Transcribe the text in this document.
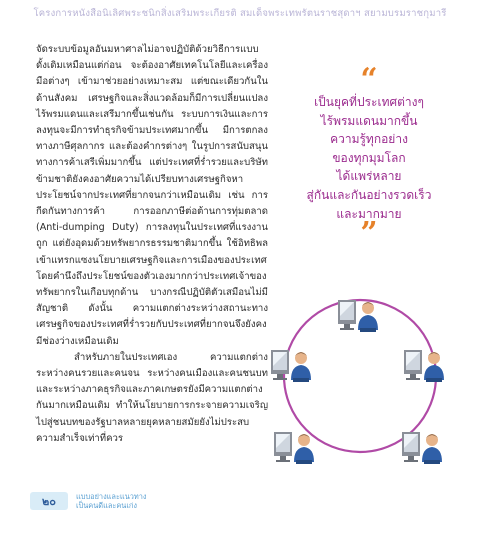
โครงการหนังสือนิเลิศพระชนิกสิ่งเสริมพระเกียรติ สมเด็จพระเทพรัตนราชสุดาฯ สยามบรมราชกุมารี

จัดระบบข้อมูลอันมหาศาลไม่อาจปฏิบัติด้วยวิธีการแบบดั้งเดิมเหมือนแต่ก่อน จะต้องอาศัยเทคโนโลยีและเครื่องมือต่างๆ เข้ามาช่วยอย่างเหมาะสม แต่ขณะเดียวกันในด้านสังคม เศรษฐกิจและสิ่งแวดล้อมก็มีการเปลี่ยนแปลง ไร้พรมแดนและเสรีมากขึ้นเช่นกัน ระบบการเงินและการลงทุนจะมีการทำธุรกิจข้ามประเทศมากขึ้น มีการตกลงทางภาษีศุลกากร และต้องคำกรต่างๆ ในรูปการสนับสนุนทางการค้าเสรีเพิ่มมากขึ้น แต่ประเทศที่ร่ำรวยและบริษัทข้ามชาติยังคงอาศัยความได้เปรียบทางเศรษฐกิจหาประโยชน์จากประเทศที่ยากจนกว่าเหมือนเดิม เช่น การกีดกันทางการค้า การออกภาษีต่อต้านการทุ่มตลาด (Anti-dumping Duty) การลงทุนในประเทศที่แรงงานถูก แต่ยังอุดมด้วยทรัพยากรธรรมชาติมากขึ้น ใช้อิทธิพลเข้าแทรกแซงนโยบายเศรษฐกิจและการเมืองของประเทศ โดยคำนึงถึงประโยชน์ของตัวเองมากกว่าประเทศเจ้าของทรัพยากรในเกือบทุกด้าน บางกรณีปฏิบัติตัวเสมือนไม่มีสัญชาติ ดังนั้น ความแตกต่างระหว่างสถานะทางเศรษฐกิจของประเทศที่ร่ำรวยกับประเทศที่ยากจนจึงยังคงมีช่องว่างเหมือนเดิม

สำหรับภายในประเทศเอง ความแตกต่างระหว่างคนรวยและคนจน ระหว่างคนเมืองและคนชนบทและระหว่างภาคธุรกิจและภาคเกษตรยังมีความแตกต่างกันมากเหมือนเดิม ทำให้นโยบายการกระจายความเจริญไปสู่ชนบทของรัฐบาลหลายยุคหลายสมัยยังไม่ประสบความสำเร็จเท่าที่ควร

“
เป็นยุคที่ประเทศต่างๆ
ไร้พรมแดนมากขึ้น
ความรู้ทุกอย่าง
ของทุกมุมโลก
ได้แพร่หลาย
สู่กันและกันอย่างรวดเร็ว
และมากมาย
”
๒๐	แบบอย่างและแนวทาง
เป็นคนดีและคนเก่ง
